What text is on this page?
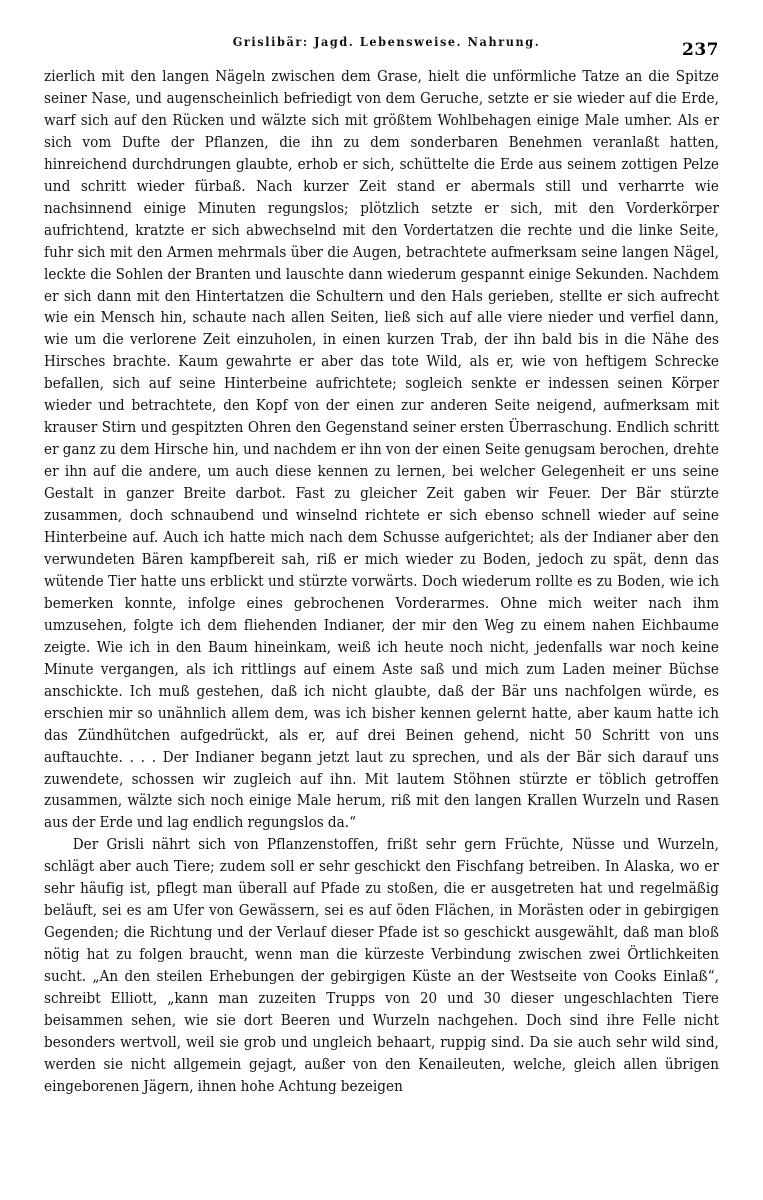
Grislibär: Jagd. Lebensweise. Nahrung.	237

zierlich mit den langen Nägeln zwischen dem Grase, hielt die unförmliche Tatze an die Spitze seiner Nase, und augenscheinlich befriedigt von dem Geruche, setzte er sie wieder auf die Erde, warf sich auf den Rücken und wälzte sich mit größtem Wohlbehagen einige Male umher. Als er sich vom Dufte der Pflanzen, die ihn zu dem sonderbaren Benehmen veranlaßt hatten, hinreichend durchdrungen glaubte, erhob er sich, schüttelte die Erde aus seinem zottigen Pelze und schritt wieder fürbaß. Nach kurzer Zeit stand er abermals still und verharrte wie nachsinnend einige Minuten regungslos; plötzlich setzte er sich, mit den Vorderkörper aufrichtend, kratzte er sich abwechselnd mit den Vordertatzen die rechte und die linke Seite, fuhr sich mit den Armen mehrmals über die Augen, betrachtete aufmerksam seine langen Nägel, leckte die Sohlen der Branten und lauschte dann wiederum gespannt einige Sekunden. Nachdem er sich dann mit den Hintertatzen die Schultern und den Hals gerieben, stellte er sich aufrecht wie ein Mensch hin, schaute nach allen Seiten, ließ sich auf alle viere nieder und verfiel dann, wie um die verlorene Zeit einzuholen, in einen kurzen Trab, der ihn bald bis in die Nähe des Hirsches brachte. Kaum gewahrte er aber das tote Wild, als er, wie von heftigem Schrecke befallen, sich auf seine Hinterbeine aufrichtete; sogleich senkte er indessen seinen Körper wieder und betrachtete, den Kopf von der einen zur anderen Seite neigend, aufmerksam mit krauser Stirn und gespitzten Ohren den Gegenstand seiner ersten Überraschung. Endlich schritt er ganz zu dem Hirsche hin, und nachdem er ihn von der einen Seite genugsam berochen, drehte er ihn auf die andere, um auch diese kennen zu lernen, bei welcher Gelegenheit er uns seine Gestalt in ganzer Breite darbot. Fast zu gleicher Zeit gaben wir Feuer. Der Bär stürzte zusammen, doch schnaubend und winselnd richtete er sich ebenso schnell wieder auf seine Hinterbeine auf. Auch ich hatte mich nach dem Schusse aufgerichtet; als der Indianer aber den verwundeten Bären kampfbereit sah, riß er mich wieder zu Boden, jedoch zu spät, denn das wütende Tier hatte uns erblickt und stürzte vorwärts. Doch wiederum rollte es zu Boden, wie ich bemerken konnte, infolge eines gebrochenen Vorderarmes. Ohne mich weiter nach ihm umzusehen, folgte ich dem fliehenden Indianer, der mir den Weg zu einem nahen Eichbaume zeigte. Wie ich in den Baum hineinkam, weiß ich heute noch nicht, jedenfalls war noch keine Minute vergangen, als ich rittlings auf einem Aste saß und mich zum Laden meiner Büchse anschickte. Ich muß gestehen, daß ich nicht glaubte, daß der Bär uns nachfolgen würde, es erschien mir so unähnlich allem dem, was ich bisher kennen gelernt hatte, aber kaum hatte ich das Zündhütchen aufgedrückt, als er, auf drei Beinen gehend, nicht 50 Schritt von uns auftauchte. . . . Der Indianer begann jetzt laut zu sprechen, und als der Bär sich darauf uns zuwendete, schossen wir zugleich auf ihn. Mit lautem Stöhnen stürzte er töblich getroffen zusammen, wälzte sich noch einige Male herum, riß mit den langen Krallen Wurzeln und Rasen aus der Erde und lag endlich regungslos da.“

Der Grisli nährt sich von Pflanzenstoffen, frißt sehr gern Früchte, Nüsse und Wurzeln, schlägt aber auch Tiere; zudem soll er sehr geschickt den Fischfang betreiben. In Alaska, wo er sehr häufig ist, pflegt man überall auf Pfade zu stoßen, die er ausgetreten hat und regelmäßig beläuft, sei es am Ufer von Gewässern, sei es auf öden Flächen, in Morästen oder in gebirgigen Gegenden; die Richtung und der Verlauf dieser Pfade ist so geschickt ausgewählt, daß man bloß nötig hat zu folgen braucht, wenn man die kürzeste Verbindung zwischen zwei Örtlichkeiten sucht. „An den steilen Erhebungen der gebirgigen Küste an der Westseite von Cooks Einlaß“, schreibt Elliott, „kann man zuzeiten Trupps von 20 und 30 dieser ungeschlachten Tiere beisammen sehen, wie sie dort Beeren und Wurzeln nachgehen. Doch sind ihre Felle nicht besonders wertvoll, weil sie grob und ungleich behaart, ruppig sind. Da sie auch sehr wild sind, werden sie nicht allgemein gejagt, außer von den Kenaileuten, welche, gleich allen übrigen eingeborenen Jägern, ihnen hohe Achtung bezeigen
